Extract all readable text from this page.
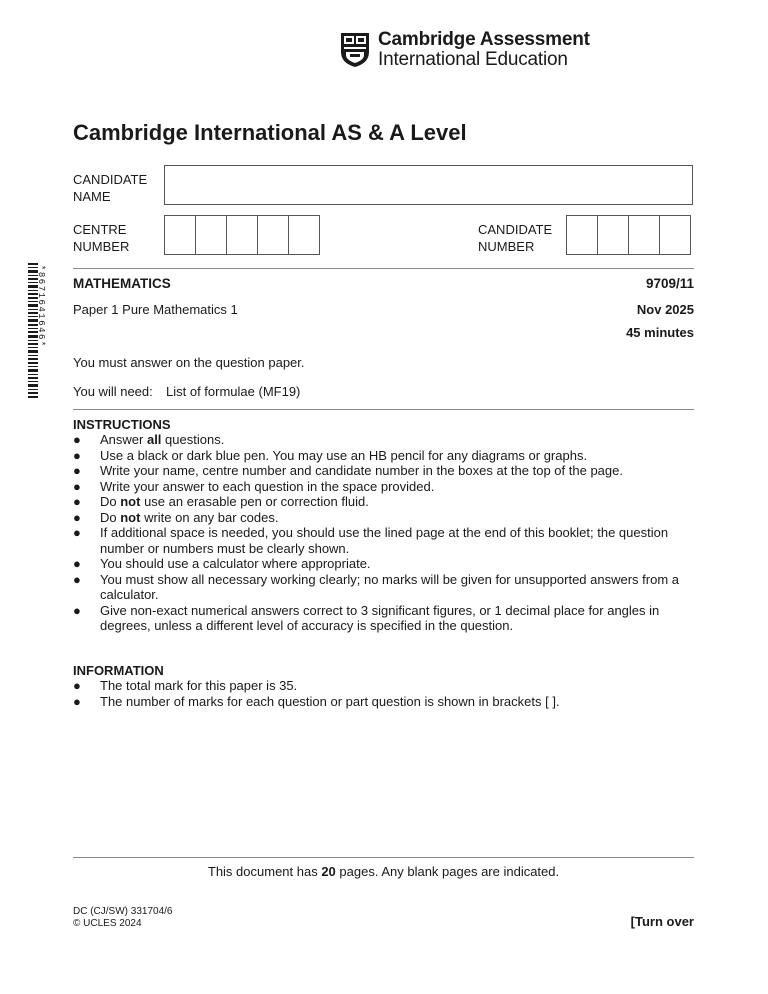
Cambridge Assessment
International Education
Cambridge International AS & A Level
CANDIDATE
NAME
CENTRE
NUMBER
CANDIDATE
NUMBER
*8671641646* MATHEMATICS	9709/11
Paper 1 Pure Mathematics 1	Nov 2025
45 minutes
You must answer on the question paper.
You will need: List of formulae (MF19)
INSTRUCTIONS
● Answer all questions.
● Use a black or dark blue pen. You may use an HB pencil for any diagrams or graphs.
● Write your name, centre number and candidate number in the boxes at the top of the page.
● Write your answer to each question in the space provided.
● Do not use an erasable pen or correction fluid.
● Do not write on any bar codes.
● If additional space is needed, you should use the lined page at the end of this booklet; the question number or numbers must be clearly shown.
● You should use a calculator where appropriate.
● You must show all necessary working clearly; no marks will be given for unsupported answers from a calculator.
● Give non-exact numerical answers correct to 3 significant figures, or 1 decimal place for angles in degrees, unless a different level of accuracy is specified in the question.
INFORMATION
● The total mark for this paper is 35.
● The number of marks for each question or part question is shown in brackets [ ].
This document has 20 pages. Any blank pages are indicated.
DC (CJ/SW) 331704/6
© UCLES 2024	[Turn over
